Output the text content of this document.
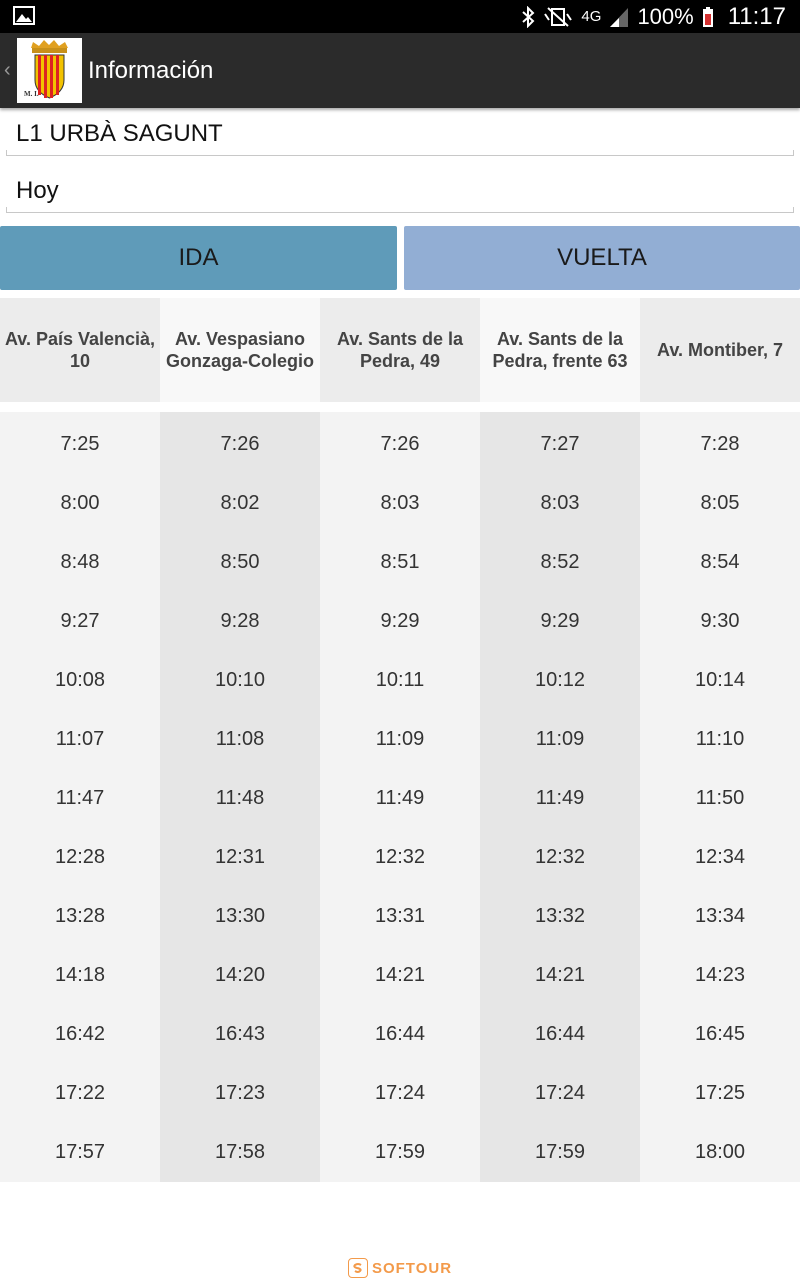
4G 100% 11:17
‹
M. I.
Información
L1 URBÀ SAGUNT
Hoy
IDA	VUELTA
Av. País Valencià, 10
Av. Vespasiano Gonzaga-Colegio
Av. Sants de la Pedra, 49
Av. Sants de la Pedra, frente 63
Av. Montiber, 7
7:25
8:00
8:48
9:27
10:08
11:07
11:47
12:28
13:28
14:18
16:42
17:22
17:57
7:26
8:02
8:50
9:28
10:10
11:08
11:48
12:31
13:30
14:20
16:43
17:23
17:58
7:26
8:03
8:51
9:29
10:11
11:09
11:49
12:32
13:31
14:21
16:44
17:24
17:59
7:27
8:03
8:52
9:29
10:12
11:09
11:49
12:32
13:32
14:21
16:44
17:24
17:59
7:28
8:05
8:54
9:30
10:14
11:10
11:50
12:34
13:34
14:23
16:45
17:25
18:00
SOFTOUR
